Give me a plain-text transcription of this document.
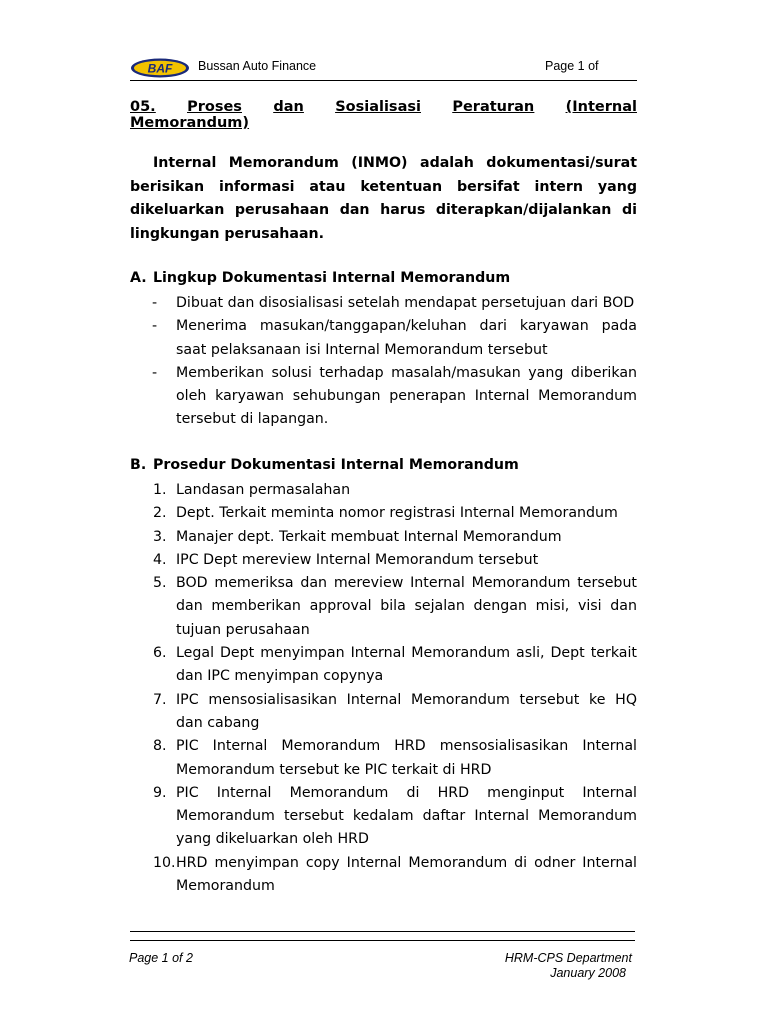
BAF Bussan Auto Finance	Page 1 of
05. Proses dan Sosialisasi Peraturan (Internal
Memorandum)
Internal Memorandum (INMO) adalah dokumentasi/surat berisikan informasi atau ketentuan bersifat intern yang dikeluarkan perusahaan dan harus diterapkan/dijalankan di lingkungan perusahaan.
A. Lingkup Dokumentasi Internal Memorandum
-	Dibuat dan disosialisasi setelah mendapat persetujuan dari BOD
-	Menerima masukan/tanggapan/keluhan dari karyawan pada saat pelaksanaan isi Internal Memorandum tersebut
-	Memberikan solusi terhadap masalah/masukan yang diberikan oleh karyawan sehubungan penerapan Internal Memorandum tersebut di lapangan.
B. Prosedur Dokumentasi Internal Memorandum
1. Landasan permasalahan
2. Dept. Terkait meminta nomor registrasi Internal Memorandum
3. Manajer dept. Terkait membuat Internal Memorandum
4. IPC Dept mereview Internal Memorandum tersebut
5. BOD memeriksa dan mereview Internal Memorandum tersebut dan memberikan approval bila sejalan dengan misi, visi dan tujuan perusahaan
6. Legal Dept menyimpan Internal Memorandum asli, Dept terkait dan IPC menyimpan copynya
7. IPC mensosialisasikan Internal Memorandum tersebut ke HQ dan cabang
8. PIC Internal Memorandum HRD mensosialisasikan Internal Memorandum tersebut ke PIC terkait di HRD
9. PIC Internal Memorandum di HRD menginput Internal Memorandum tersebut kedalam daftar Internal Memorandum yang dikeluarkan oleh HRD
10. HRD menyimpan copy Internal Memorandum di odner Internal Memorandum
Page 1 of 2	HRM-CPS Department
January 2008
